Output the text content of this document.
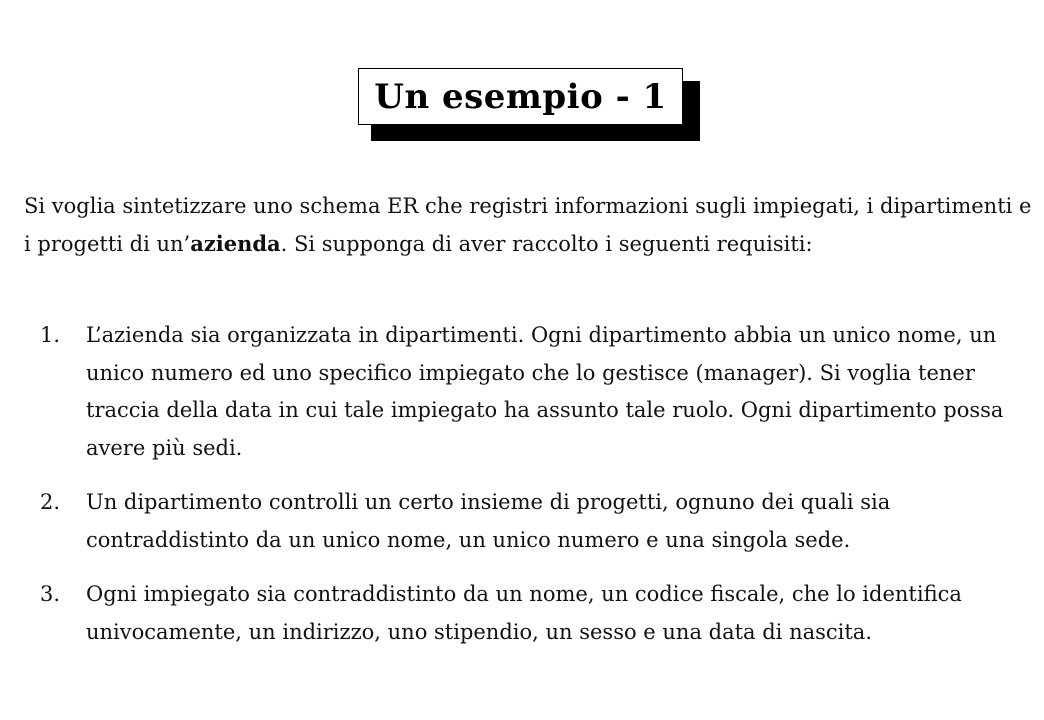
Un esempio - 1

Si voglia sintetizzare uno schema ER che registri informazioni sugli impiegati, i dipartimenti e i progetti di un’azienda. Si supponga di aver raccolto i seguenti requisiti:

1. L’azienda sia organizzata in dipartimenti. Ogni dipartimento abbia un unico nome, un unico numero ed uno specifico impiegato che lo gestisce (manager). Si voglia tener traccia della data in cui tale impiegato ha assunto tale ruolo. Ogni dipartimento possa avere più sedi.
2. Un dipartimento controlli un certo insieme di progetti, ognuno dei quali sia contraddistinto da un unico nome, un unico numero e una singola sede.
3. Ogni impiegato sia contraddistinto da un nome, un codice fiscale, che lo identifica univocamente, un indirizzo, uno stipendio, un sesso e una data di nascita.
